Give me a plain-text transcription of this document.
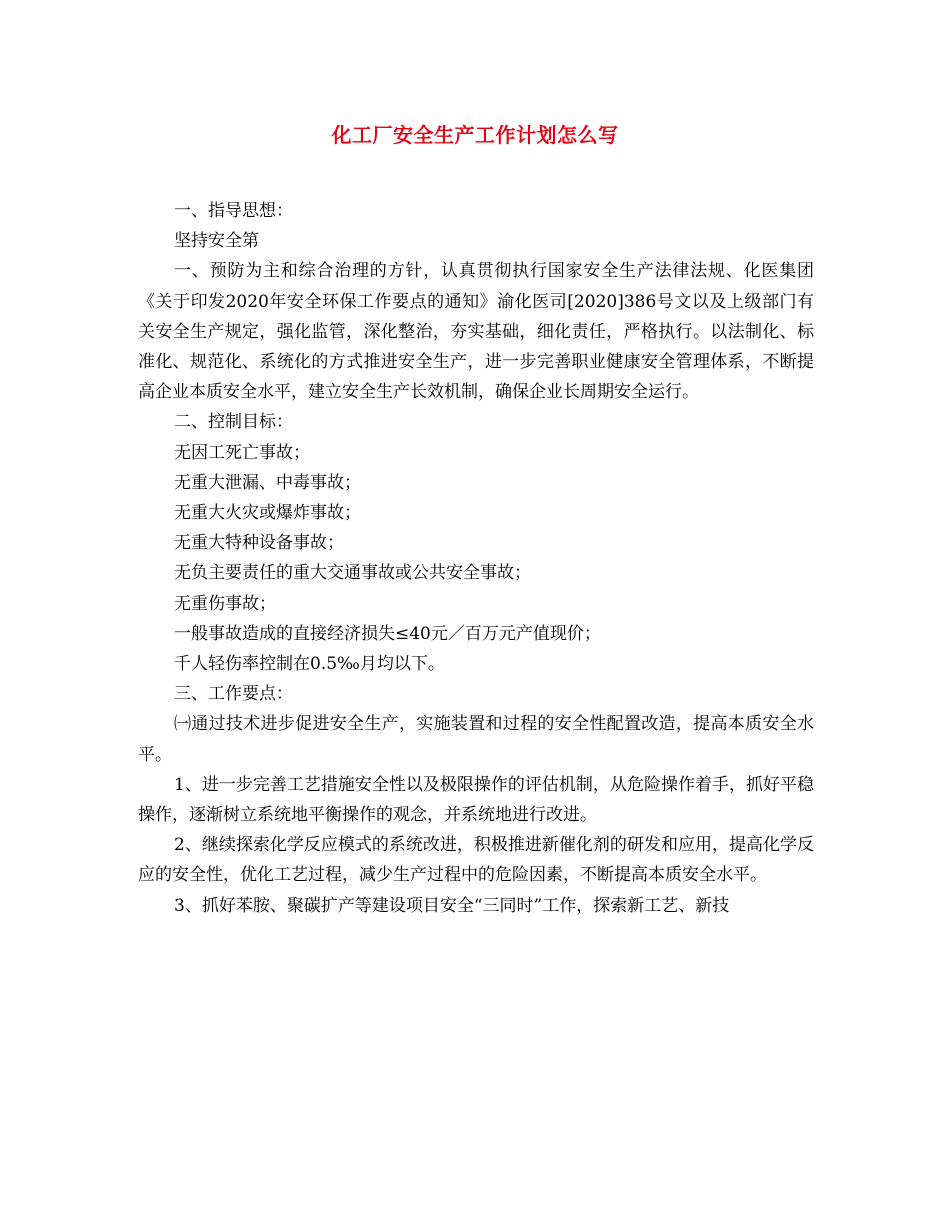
化工厂安全生产工作计划怎么写

一、指导思想：

坚持安全第

一、预防为主和综合治理的方针，认真贯彻执行国家安全生产法律法规、化医集团《关于印发2020年安全环保工作要点的通知》渝化医司[2020]386号文以及上级部门有关安全生产规定，强化监管，深化整治，夯实基础，细化责任，严格执行。以法制化、标准化、规范化、系统化的方式推进安全生产，进一步完善职业健康安全管理体系，不断提高企业本质安全水平，建立安全生产长效机制，确保企业长周期安全运行。

二、控制目标：

无因工死亡事故；

无重大泄漏、中毒事故；

无重大火灾或爆炸事故；

无重大特种设备事故；

无负主要责任的重大交通事故或公共安全事故；

无重伤事故；

一般事故造成的直接经济损失≤40元／百万元产值现价；

千人轻伤率控制在0.5‰月均以下。

三、工作要点：

㈠通过技术进步促进安全生产，实施装置和过程的安全性配置改造，提高本质安全水平。

1、进一步完善工艺措施安全性以及极限操作的评估机制，从危险操作着手，抓好平稳操作，逐渐树立系统地平衡操作的观念，并系统地进行改进。

2、继续探索化学反应模式的系统改进，积极推进新催化剂的研发和应用，提高化学反应的安全性，优化工艺过程，减少生产过程中的危险因素，不断提高本质安全水平。

3、抓好苯胺、聚碳扩产等建设项目安全“三同时”工作，探索新工艺、新技
